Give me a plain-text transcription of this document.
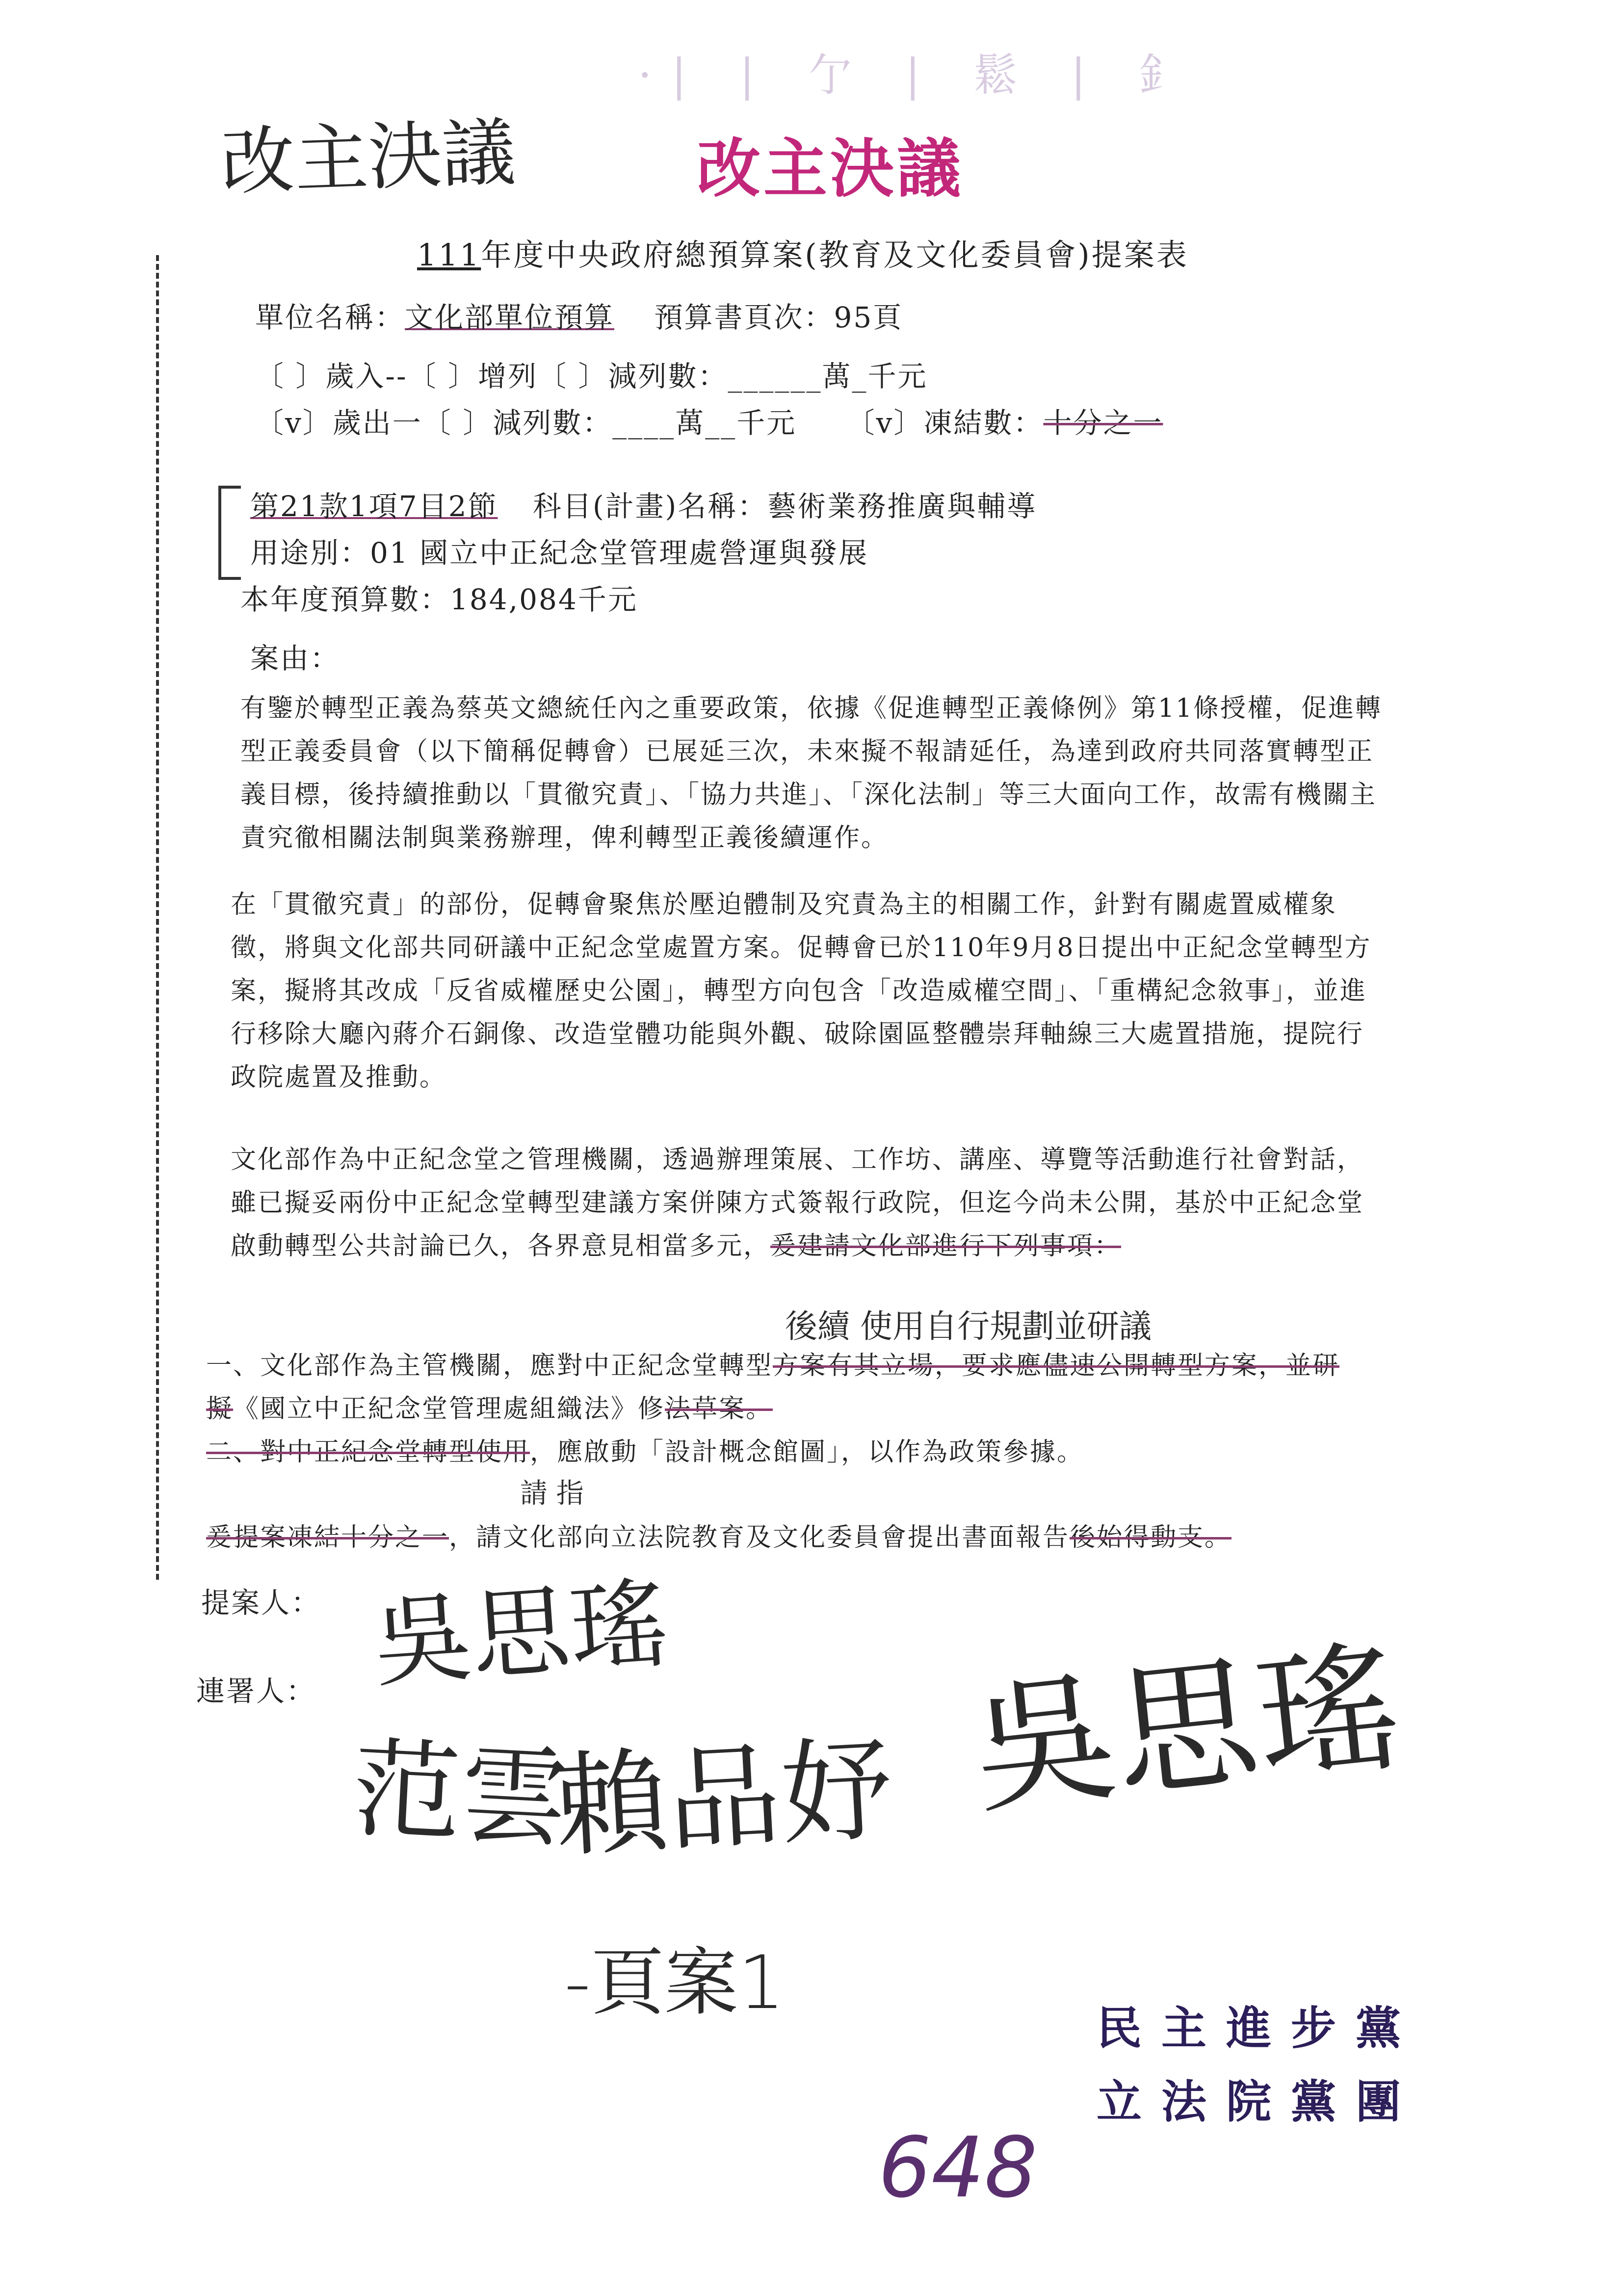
·| | 亇 | 鬆 | 釒
改主決議	改主決議
111年度中央政府總預算案(教育及文化委員會)提案表
單位名稱：文化部單位預算 預算書頁次：95頁
〔 〕歲入--〔 〕增列〔 〕減列數：______萬_千元
〔v〕歲出一〔 〕減列數：____萬__千元 〔v〕凍結數：十分之一
第21款1項7目2節 科目(計畫)名稱：藝術業務推廣與輔導
用途別：01 國立中正紀念堂管理處營運與發展
本年度預算數：184,084千元
案由：
有鑒於轉型正義為蔡英文總統任內之重要政策，依據《促進轉型正義條例》第11條授權，促進轉型正義委員會（以下簡稱促轉會）已展延三次，未來擬不報請延任，為達到政府共同落實轉型正義目標，後持續推動以「貫徹究責」、「協力共進」、「深化法制」等三大面向工作，故需有機關主責究徹相關法制與業務辦理，俾利轉型正義後續運作。
在「貫徹究責」的部份，促轉會聚焦於壓迫體制及究責為主的相關工作，針對有關處置威權象徵，將與文化部共同研議中正紀念堂處置方案。促轉會已於110年9月8日提出中正紀念堂轉型方案，擬將其改成「反省威權歷史公園」，轉型方向包含「改造威權空間」、「重構紀念敘事」，並進行移除大廳內蔣介石銅像、改造堂體功能與外觀、破除園區整體崇拜軸線三大處置措施，提院行政院處置及推動。
文化部作為中正紀念堂之管理機關，透過辦理策展、工作坊、講座、導覽等活動進行社會對話，雖已擬妥兩份中正紀念堂轉型建議方案併陳方式簽報行政院，但迄今尚未公開，基於中正紀念堂啟動轉型公共討論已久，各界意見相當多元，爰建請文化部進行下列事項：
後續 使用自行規劃並研議
一、文化部作為主管機關，應對中正紀念堂轉型方案有其立場，要求應儘速公開轉型方案，並研擬《國立中正紀念堂管理處組織法》修法草案。
二、對中正紀念堂轉型使用，應啟動「設計概念館圖」，以作為政策參據。
請 指
爰提案凍結十分之一，請文化部向立法院教育及文化委員會提出書面報告後始得動支。
提案人：
連署人： 吳思瑤
范雲
賴品妤 吳思瑤
-頁案1
民主進步黨
立法院黨團
648
